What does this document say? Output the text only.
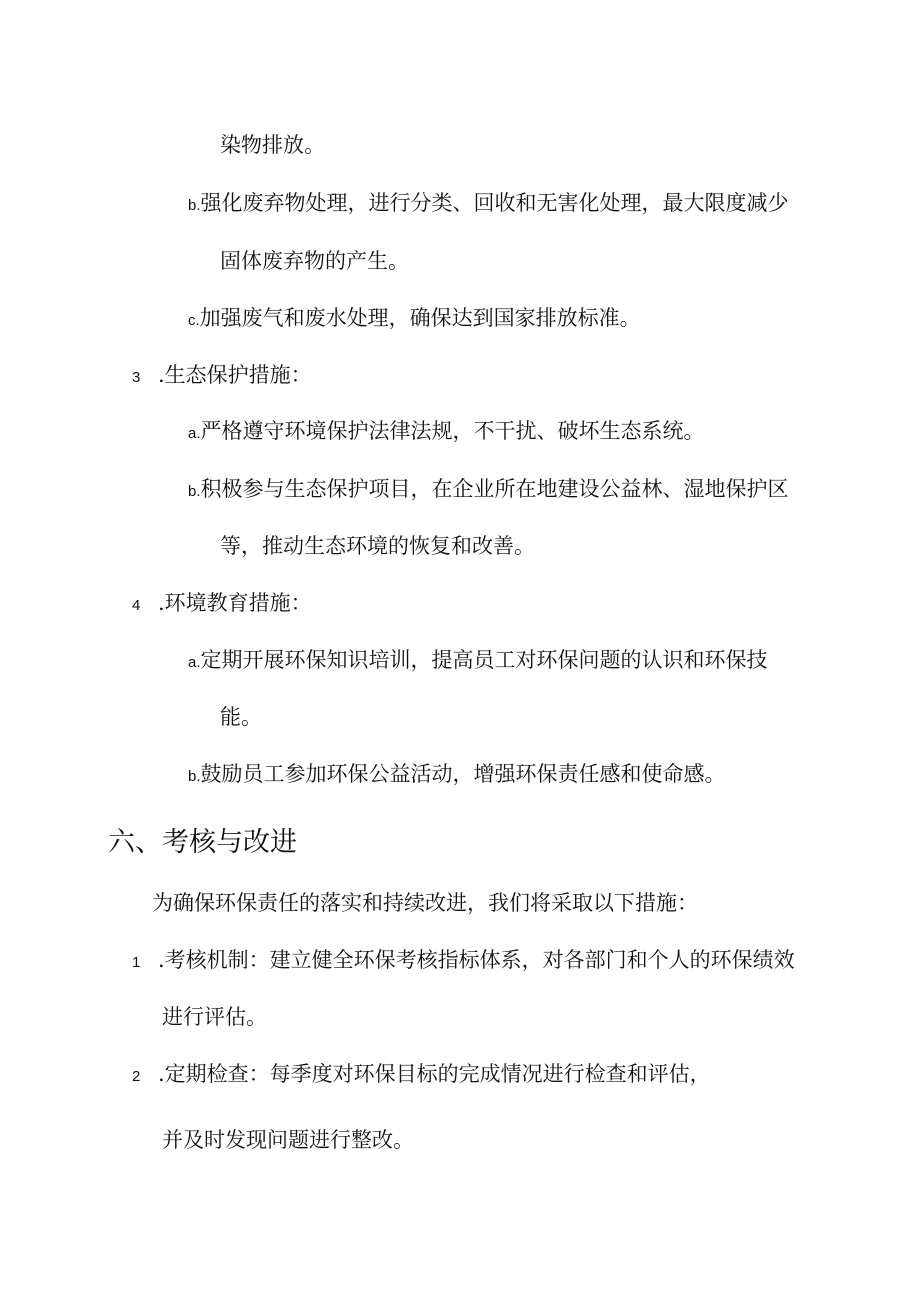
染物排放。
b.强化废弃物处理，进行分类、回收和无害化处理，最大限度减少
固体废弃物的产生。
c.加强废气和废水处理，确保达到国家排放标准。
3 .生态保护措施：
a.严格遵守环境保护法律法规，不干扰、破坏生态系统。
b.积极参与生态保护项目，在企业所在地建设公益林、湿地保护区
等，推动生态环境的恢复和改善。
4 .环境教育措施：
a.定期开展环保知识培训，提高员工对环保问题的认识和环保技
能。
b.鼓励员工参加环保公益活动，增强环保责任感和使命感。
六、考核与改进
为确保环保责任的落实和持续改进，我们将采取以下措施：
1 .考核机制：建立健全环保考核指标体系，对各部门和个人的环保绩效
进行评估。
2 .定期检查：每季度对环保目标的完成情况进行检查和评估，
并及时发现问题进行整改。
